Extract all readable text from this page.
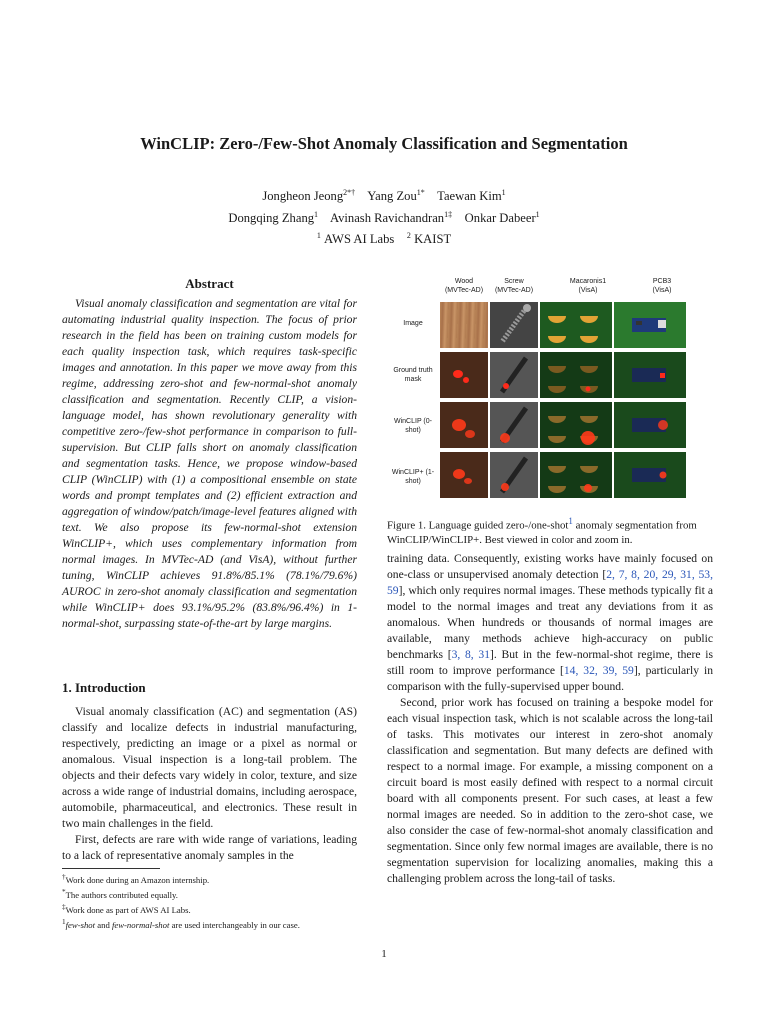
WinCLIP: Zero-/Few-Shot Anomaly Classification and Segmentation
Jongheon Jeong$^{2*\dagger}$ Yang Zou$^{1*}$ Taewan Kim$^1$
Dongqing Zhang$^1$ Avinash Ravichandran$^{1\ddagger}$ Onkar Dabeer$^1$
$^1$ AWS AI Labs $^2$ KAIST
Abstract
Visual anomaly classification and segmentation are vital for automating industrial quality inspection. The focus of prior research in the field has been on training custom models for each quality inspection task, which requires task-specific images and annotation. In this paper we move away from this regime, addressing zero-shot and few-normal-shot anomaly classification and segmentation. Recently CLIP, a vision-language model, has shown revolutionary generality with competitive zero-/few-shot performance in comparison to full-supervision. But CLIP falls short on anomaly classification and segmentation tasks. Hence, we propose window-based CLIP (WinCLIP) with (1) a compositional ensemble on state words and prompt templates and (2) efficient extraction and aggregation of window/patch/image-level features aligned with text. We also propose its few-normal-shot extension WinCLIP+, which uses complementary information from normal images. In MVTec-AD (and VisA), without further tuning, WinCLIP achieves 91.8%/85.1% (78.1%/79.6%) AUROC in zero-shot anomaly classification and segmentation while WinCLIP+ does 93.1%/95.2% (83.8%/96.4%) in 1-normal-shot, surpassing state-of-the-art by large margins.
1. Introduction
Visual anomaly classification (AC) and segmentation (AS) classify and localize defects in industrial manufacturing, respectively, predicting an image or a pixel as normal or anomalous. Visual inspection is a long-tail problem. The objects and their defects vary widely in color, texture, and size across a wide range of industrial domains, including aerospace, automobile, pharmaceutical, and electronics. These result in two main challenges in the field.
First, defects are rare with wide range of variations, leading to a lack of representative anomaly samples in the
†Work done during an Amazon internship.
*The authors contributed equally.
‡Work done as part of AWS AI Labs.
$^1$few-shot and few-normal-shot are used interchangeably in our case.
Wood
(MVTec-AD)
Screw
(MVTec-AD)
Macaronis1
(VisA)
PCB3
(VisA)
Image
Ground truth mask
WinCLIP (0-shot)
WinCLIP+ (1-shot)
Figure 1. Language guided zero-/one-shot$^1$ anomaly segmentation from WinCLIP/WinCLIP+. Best viewed in color and zoom in.
training data. Consequently, existing works have mainly focused on one-class or unsupervised anomaly detection [2, 7, 8, 20, 29, 31, 53, 59], which only requires normal images. These methods typically fit a model to the normal images and treat any deviations from it as anomalous. When hundreds or thousands of normal images are available, many methods achieve high-accuracy on public benchmarks [3, 8, 31]. But in the few-normal-shot regime, there is still room to improve performance [14, 32, 39, 59], particularly in comparison with the fully-supervised upper bound.
Second, prior work has focused on training a bespoke model for each visual inspection task, which is not scalable across the long-tail of tasks. This motivates our interest in zero-shot anomaly classification and segmentation. But many defects are defined with respect to a normal image. For example, a missing component on a circuit board is most easily defined with respect to a normal circuit board with all components present. For such cases, at least a few normal images are needed. So in addition to the zero-shot case, we also consider the case of few-normal-shot anomaly classification and segmentation. Since only few normal images are available, there is no segmentation supervision for localizing anomalies, making this a challenging problem across the long-tail of tasks.
1
